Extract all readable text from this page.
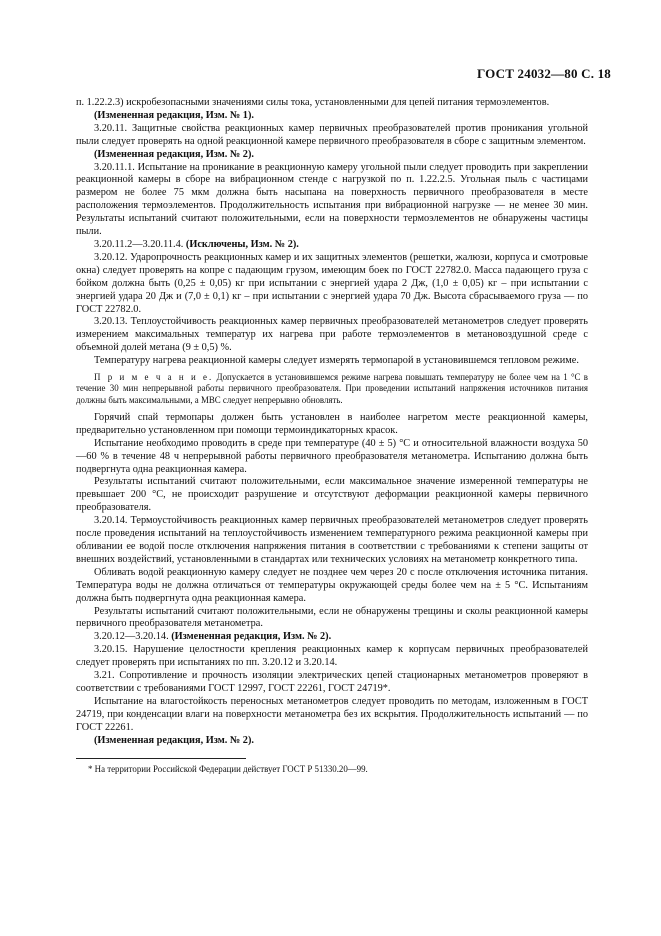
ГОСТ 24032—80 С. 18

п. 1.22.2.3) искробезопасными значениями силы тока, установленными для цепей питания термоэлементов.

(Измененная редакция, Изм. № 1).

3.20.11. Защитные свойства реакционных камер первичных преобразователей против проникания угольной пыли следует проверять на одной реакционной камере первичного преобразователя в сборе с защитным элементом.

(Измененная редакция, Изм. № 2).

3.20.11.1. Испытание на проникание в реакционную камеру угольной пыли следует проводить при закреплении реакционной камеры в сборе на вибрационном стенде с нагрузкой по п. 1.22.2.5. Угольная пыль с частицами размером не более 75 мкм должна быть насыпана на поверхность первичного преобразователя в месте расположения термоэлементов. Продолжительность испытания при вибрационной нагрузке — не менее 30 мин. Результаты испытаний считают положительными, если на поверхности термоэлементов не обнаружены частицы пыли.

3.20.11.2—3.20.11.4. (Исключены, Изм. № 2).

3.20.12. Ударопрочность реакционных камер и их защитных элементов (решетки, жалюзи, корпуса и смотровые окна) следует проверять на копре с падающим грузом, имеющим боек по ГОСТ 22782.0. Масса падающего груза с бойком должна быть (0,25 ± 0,05) кг при испытании с энергией удара 2 Дж, (1,0 ± 0,05) кг – при испытании с энергией удара 20 Дж и (7,0 ± 0,1) кг – при испытании с энергией удара 70 Дж. Высота сбрасываемого груза — по ГОСТ 22782.0.

3.20.13. Теплоустойчивость реакционных камер первичных преобразователей метанометров следует проверять измерением максимальных температур их нагрева при работе термоэлементов в метановоздушной среде с объемной долей метана (9 ± 0,5) %.

Температуру нагрева реакционной камеры следует измерять термопарой в установившемся тепловом режиме.

П р и м е ч а н и е. Допускается в установившемся режиме нагрева повышать температуру не более чем на 1 °С в течение 30 мин непрерывной работы первичного преобразователя. При проведении испытаний напряжения источников питания должны быть максимальными, а МВС следует непрерывно обновлять.

Горячий спай термопары должен быть установлен в наиболее нагретом месте реакционной камеры, предварительно установленном при помощи термоиндикаторных красок.

Испытание необходимо проводить в среде при температуре (40 ± 5) °С и относительной влажности воздуха 50—60 % в течение 48 ч непрерывной работы первичного преобразователя метанометра. Испытанию должна быть подвергнута одна реакционная камера.

Результаты испытаний считают положительными, если максимальное значение измеренной температуры не превышает 200 °С, не происходит разрушение и отсутствуют деформации реакционной камеры первичного преобразователя.

3.20.14. Термоустойчивость реакционных камер первичных преобразователей метанометров следует проверять после проведения испытаний на теплоустойчивость изменением температурного режима реакционной камеры при обливании ее водой после отключения напряжения питания в соответствии с требованиями к степени защиты от внешних воздействий, установленными в стандартах или технических условиях на метанометр конкретного типа.

Обливать водой реакционную камеру следует не позднее чем через 20 с после отключения источника питания. Температура воды не должна отличаться от температуры окружающей среды более чем на ± 5 °С. Испытаниям должна быть подвергнута одна реакционная камера.

Результаты испытаний считают положительными, если не обнаружены трещины и сколы реакционной камеры первичного преобразователя метанометра.

3.20.12—3.20.14. (Измененная редакция, Изм. № 2).

3.20.15. Нарушение целостности крепления реакционных камер к корпусам первичных преобразователей следует проверять при испытаниях по пп. 3.20.12 и 3.20.14.

3.21. Сопротивление и прочность изоляции электрических цепей стационарных метанометров проверяют в соответствии с требованиями ГОСТ 12997, ГОСТ 22261, ГОСТ 24719*.

Испытание на влагостойкость переносных метанометров следует проводить по методам, изложенным в ГОСТ 24719, при конденсации влаги на поверхности метанометра без их вскрытия. Продолжительность испытаний — по ГОСТ 22261.

(Измененная редакция, Изм. № 2).

* На территории Российской Федерации действует ГОСТ Р 51330.20—99.
